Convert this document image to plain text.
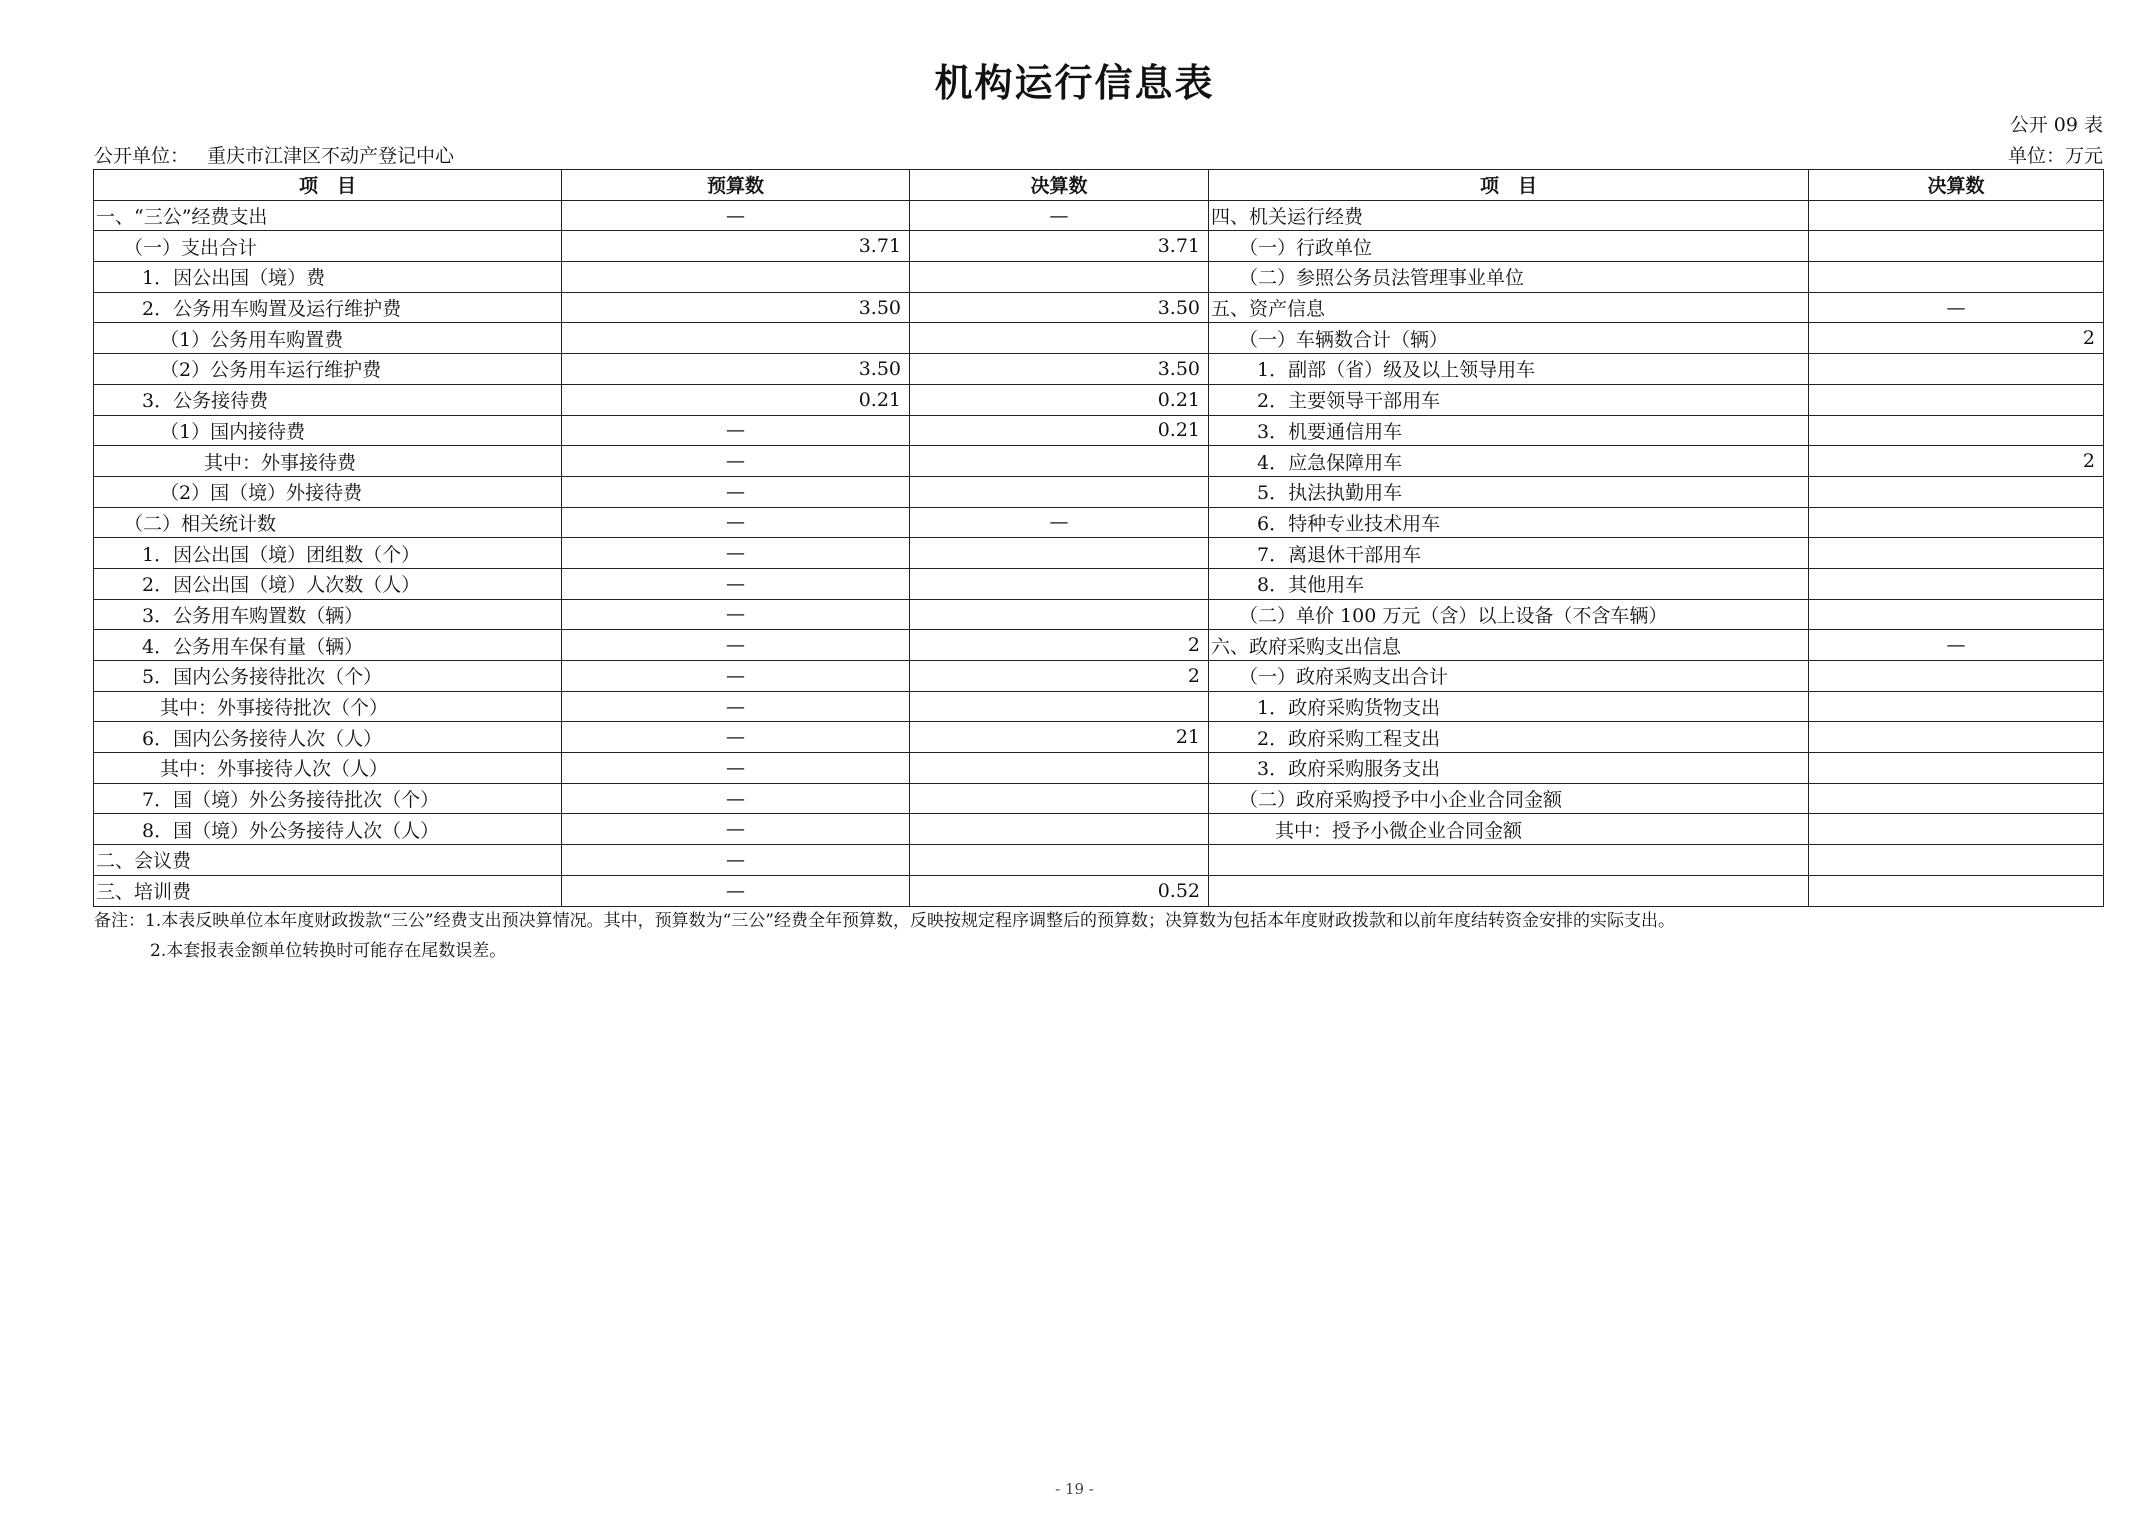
机构运行信息表
公开 09 表
公开单位： 重庆市江津区不动产登记中心	单位：万元
项　目	预算数	决算数	项　目	决算数
一、“三公”经费支出	—	—	四、机关运行经费	
（一）支出合计	3.71	3.71	（一）行政单位	
1．因公出国（境）费			（二）参照公务员法管理事业单位	
2．公务用车购置及运行维护费	3.50	3.50	五、资产信息	—
（1）公务用车购置费			（一）车辆数合计（辆）	2
（2）公务用车运行维护费	3.50	3.50	1．副部（省）级及以上领导用车	
3．公务接待费	0.21	0.21	2．主要领导干部用车	
（1）国内接待费	—	0.21	3．机要通信用车	
其中：外事接待费	—		4．应急保障用车	2
（2）国（境）外接待费	—		5．执法执勤用车	
（二）相关统计数	—	—	6．特种专业技术用车	
1．因公出国（境）团组数（个）	—		7．离退休干部用车	
2．因公出国（境）人次数（人）	—		8．其他用车	
3．公务用车购置数（辆）	—		（二）单价 100 万元（含）以上设备（不含车辆）	
4．公务用车保有量（辆）	—	2	六、政府采购支出信息	—
5．国内公务接待批次（个）	—	2	（一）政府采购支出合计	
其中：外事接待批次（个）	—		1．政府采购货物支出	
6．国内公务接待人次（人）	—	21	2．政府采购工程支出	
其中：外事接待人次（人）	—		3．政府采购服务支出	
7．国（境）外公务接待批次（个）	—		（二）政府采购授予中小企业合同金额	
8．国（境）外公务接待人次（人）	—		其中：授予小微企业合同金额	
二、会议费	—			
三、培训费	—	0.52		
备注：1.本表反映单位本年度财政拨款“三公”经费支出预决算情况。其中，预算数为“三公”经费全年预算数，反映按规定程序调整后的预算数；决算数为包括本年度财政拨款和以前年度结转资金安排的实际支出。
2.本套报表金额单位转换时可能存在尾数误差。
- 19 -
